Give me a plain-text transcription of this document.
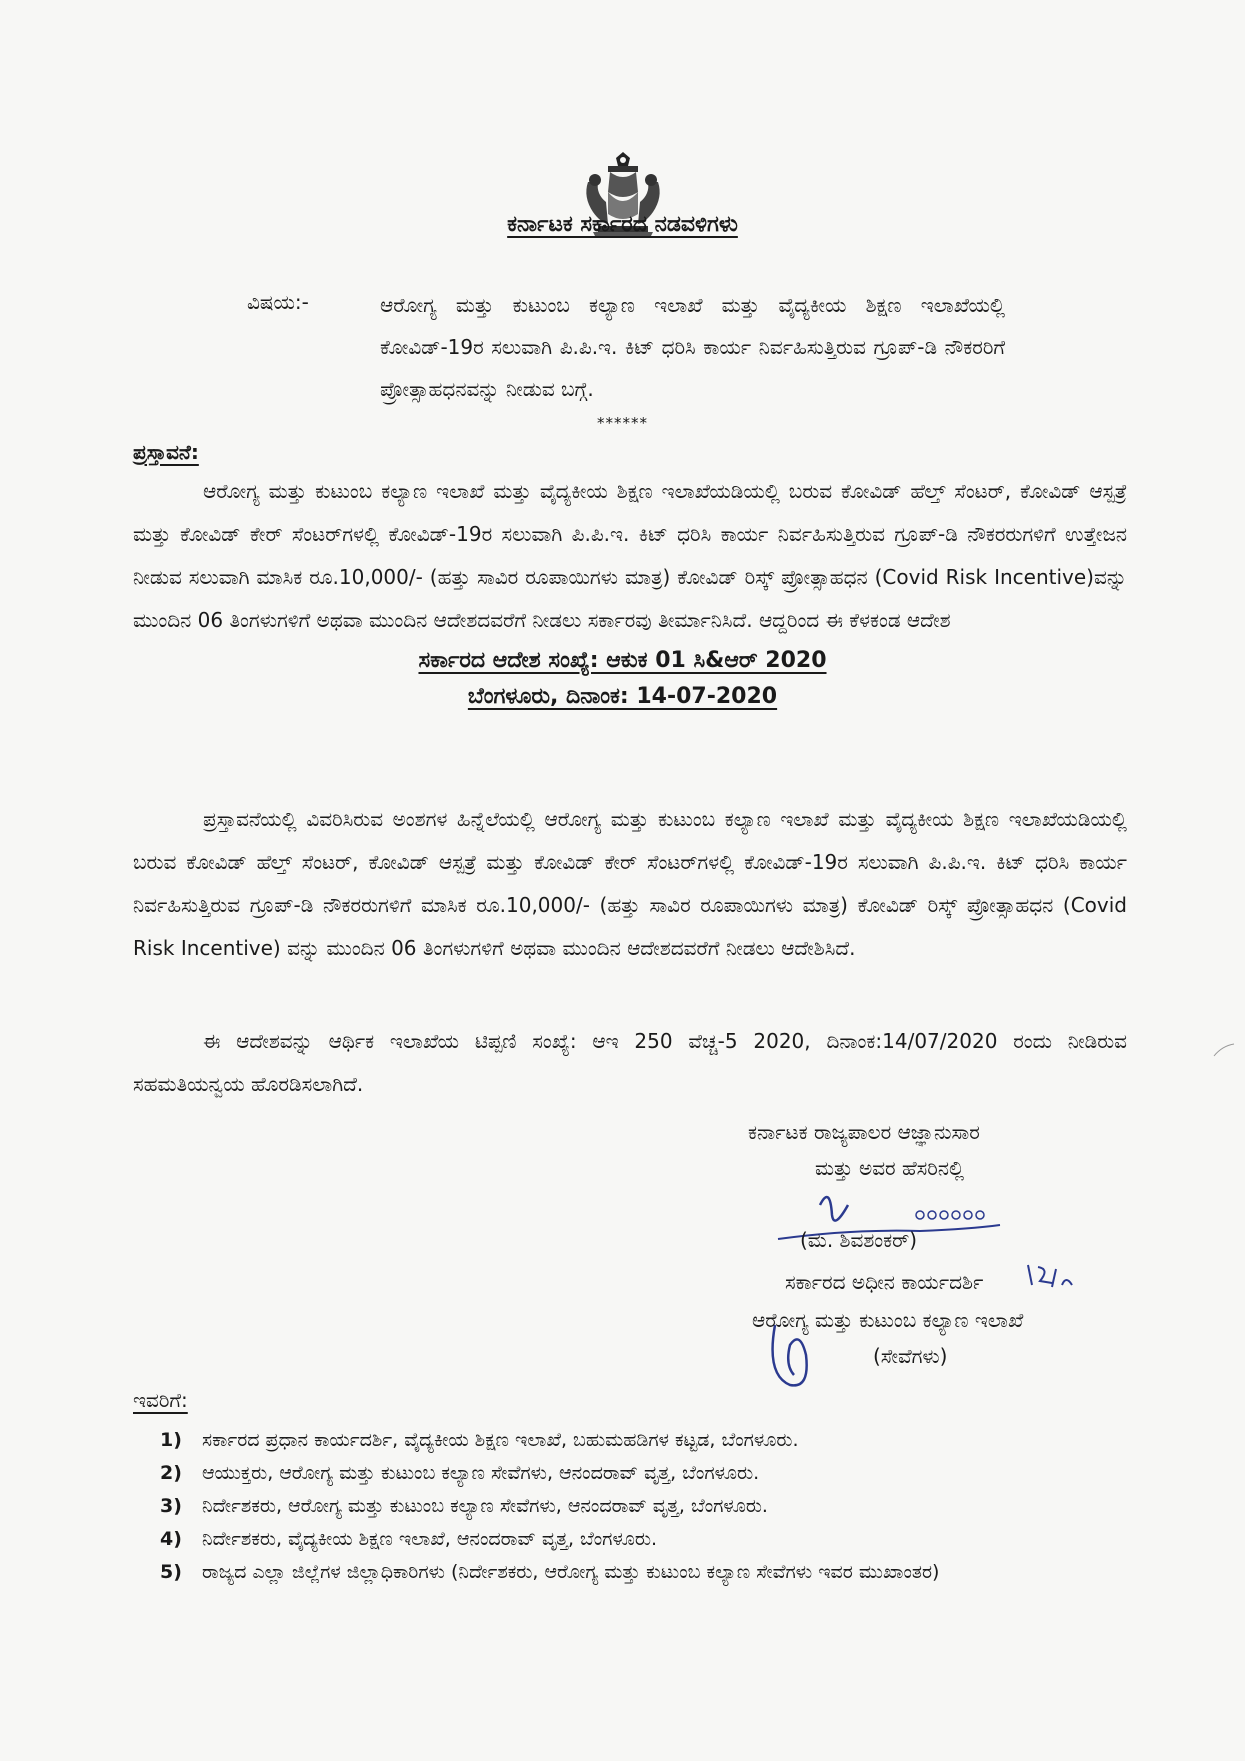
ಕರ್ನಾಟಕ ಸರ್ಕಾರದ ನಡವಳಿಗಳು
ವಿಷಯ:-	ಆರೋಗ್ಯ ಮತ್ತು ಕುಟುಂಬ ಕಲ್ಯಾಣ ಇಲಾಖೆ ಮತ್ತು ವೈದ್ಯಕೀಯ ಶಿಕ್ಷಣ ಇಲಾಖೆಯಲ್ಲಿ ಕೋವಿಡ್-19ರ ಸಲುವಾಗಿ ಪಿ.ಪಿ.ಇ. ಕಿಟ್ ಧರಿಸಿ ಕಾರ್ಯ ನಿರ್ವಹಿಸುತ್ತಿರುವ ಗ್ರೂಪ್-ಡಿ ನೌಕರರಿಗೆ ಪ್ರೋತ್ಸಾಹಧನವನ್ನು ನೀಡುವ ಬಗ್ಗೆ.
******
ಪ್ರಸ್ತಾವನೆ:
ಆರೋಗ್ಯ ಮತ್ತು ಕುಟುಂಬ ಕಲ್ಯಾಣ ಇಲಾಖೆ ಮತ್ತು ವೈದ್ಯಕೀಯ ಶಿಕ್ಷಣ ಇಲಾಖೆಯಡಿಯಲ್ಲಿ ಬರುವ ಕೋವಿಡ್ ಹೆಲ್ತ್ ಸೆಂಟರ್, ಕೋವಿಡ್ ಆಸ್ಪತ್ರೆ ಮತ್ತು ಕೋವಿಡ್ ಕೇರ್ ಸೆಂಟರ್‌ಗಳಲ್ಲಿ ಕೋವಿಡ್-19ರ ಸಲುವಾಗಿ ಪಿ.ಪಿ.ಇ. ಕಿಟ್ ಧರಿಸಿ ಕಾರ್ಯ ನಿರ್ವಹಿಸುತ್ತಿರುವ ಗ್ರೂಪ್-ಡಿ ನೌಕರರುಗಳಿಗೆ ಉತ್ತೇಜನ ನೀಡುವ ಸಲುವಾಗಿ ಮಾಸಿಕ ರೂ.10,000/- (ಹತ್ತು ಸಾವಿರ ರೂಪಾಯಿಗಳು ಮಾತ್ರ) ಕೋವಿಡ್ ರಿಸ್ಕ್ ಪ್ರೋತ್ಸಾಹಧನ (Covid Risk Incentive)ವನ್ನು ಮುಂದಿನ 06 ತಿಂಗಳುಗಳಿಗೆ ಅಥವಾ ಮುಂದಿನ ಆದೇಶದವರೆಗೆ ನೀಡಲು ಸರ್ಕಾರವು ತೀರ್ಮಾನಿಸಿದೆ. ಆದ್ದರಿಂದ ಈ ಕೆಳಕಂಡ ಆದೇಶ
ಸರ್ಕಾರದ ಆದೇಶ ಸಂಖ್ಯೆ: ಆಕುಕ 01 ಸಿ&ಆರ್ 2020
ಬೆಂಗಳೂರು, ದಿನಾಂಕ: 14-07-2020
ಪ್ರಸ್ತಾವನೆಯಲ್ಲಿ ವಿವರಿಸಿರುವ ಅಂಶಗಳ ಹಿನ್ನೆಲೆಯಲ್ಲಿ ಆರೋಗ್ಯ ಮತ್ತು ಕುಟುಂಬ ಕಲ್ಯಾಣ ಇಲಾಖೆ ಮತ್ತು ವೈದ್ಯಕೀಯ ಶಿಕ್ಷಣ ಇಲಾಖೆಯಡಿಯಲ್ಲಿ ಬರುವ ಕೋವಿಡ್ ಹೆಲ್ತ್ ಸೆಂಟರ್, ಕೋವಿಡ್ ಆಸ್ಪತ್ರೆ ಮತ್ತು ಕೋವಿಡ್ ಕೇರ್ ಸೆಂಟರ್‌ಗಳಲ್ಲಿ ಕೋವಿಡ್-19ರ ಸಲುವಾಗಿ ಪಿ.ಪಿ.ಇ. ಕಿಟ್ ಧರಿಸಿ ಕಾರ್ಯ ನಿರ್ವಹಿಸುತ್ತಿರುವ ಗ್ರೂಪ್-ಡಿ ನೌಕರರುಗಳಿಗೆ ಮಾಸಿಕ ರೂ.10,000/- (ಹತ್ತು ಸಾವಿರ ರೂಪಾಯಿಗಳು ಮಾತ್ರ) ಕೋವಿಡ್ ರಿಸ್ಕ್ ಪ್ರೋತ್ಸಾಹಧನ (Covid Risk Incentive) ವನ್ನು ಮುಂದಿನ 06 ತಿಂಗಳುಗಳಿಗೆ ಅಥವಾ ಮುಂದಿನ ಆದೇಶದವರೆಗೆ ನೀಡಲು ಆದೇಶಿಸಿದೆ.
ಈ ಆದೇಶವನ್ನು ಆರ್ಥಿಕ ಇಲಾಖೆಯ ಟಿಪ್ಪಣಿ ಸಂಖ್ಯೆ: ಆಇ 250 ವೆಚ್ಚ-5 2020, ದಿನಾಂಕ:14/07/2020 ರಂದು ನೀಡಿರುವ ಸಹಮತಿಯನ್ವಯ ಹೊರಡಿಸಲಾಗಿದೆ.
ಕರ್ನಾಟಕ ರಾಜ್ಯಪಾಲರ ಆಜ್ಞಾನುಸಾರ
ಮತ್ತು ಅವರ ಹೆಸರಿನಲ್ಲಿ
(ಮ. ಶಿವಶಂಕರ್)
ಸರ್ಕಾರದ ಅಧೀನ ಕಾರ್ಯದರ್ಶಿ
ಆರೋಗ್ಯ ಮತ್ತು ಕುಟುಂಬ ಕಲ್ಯಾಣ ಇಲಾಖೆ
(ಸೇವೆಗಳು)
ಇವರಿಗೆ:
1)	ಸರ್ಕಾರದ ಪ್ರಧಾನ ಕಾರ್ಯದರ್ಶಿ, ವೈದ್ಯಕೀಯ ಶಿಕ್ಷಣ ಇಲಾಖೆ, ಬಹುಮಹಡಿಗಳ ಕಟ್ಟಡ, ಬೆಂಗಳೂರು.
2)	ಆಯುಕ್ತರು, ಆರೋಗ್ಯ ಮತ್ತು ಕುಟುಂಬ ಕಲ್ಯಾಣ ಸೇವೆಗಳು, ಆನಂದರಾವ್ ವೃತ್ತ, ಬೆಂಗಳೂರು.
3)	ನಿರ್ದೇಶಕರು, ಆರೋಗ್ಯ ಮತ್ತು ಕುಟುಂಬ ಕಲ್ಯಾಣ ಸೇವೆಗಳು, ಆನಂದರಾವ್ ವೃತ್ತ, ಬೆಂಗಳೂರು.
4)	ನಿರ್ದೇಶಕರು, ವೈದ್ಯಕೀಯ ಶಿಕ್ಷಣ ಇಲಾಖೆ, ಆನಂದರಾವ್ ವೃತ್ತ, ಬೆಂಗಳೂರು.
5)	ರಾಜ್ಯದ ಎಲ್ಲಾ ಜಿಲ್ಲೆಗಳ ಜಿಲ್ಲಾಧಿಕಾರಿಗಳು (ನಿರ್ದೇಶಕರು, ಆರೋಗ್ಯ ಮತ್ತು ಕುಟುಂಬ ಕಲ್ಯಾಣ ಸೇವೆಗಳು ಇವರ ಮುಖಾಂತರ)
